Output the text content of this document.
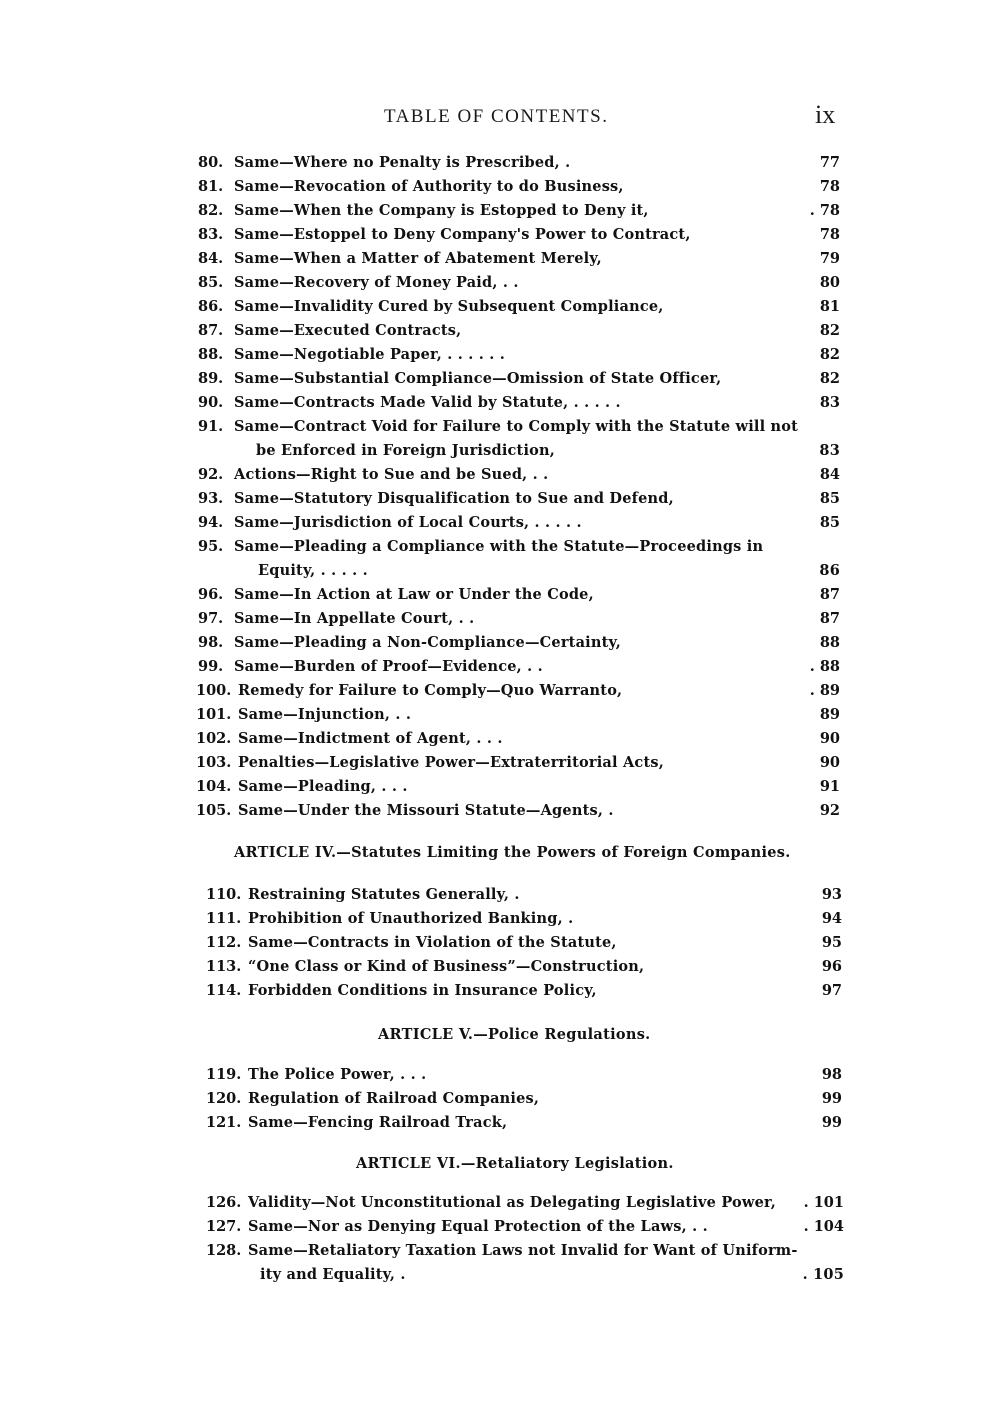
TABLE OF CONTENTS.	ix
80. Same—Where no Penalty is Prescribed, .	77
81. Same—Revocation of Authority to do Business,	78
82. Same—When the Company is Estopped to Deny it,	. 78
83. Same—Estoppel to Deny Company's Power to Contract,	78
84. Same—When a Matter of Abatement Merely,	79
85. Same—Recovery of Money Paid, . .	80
86. Same—Invalidity Cured by Subsequent Compliance,	81
87. Same—Executed Contracts,	82
88. Same—Negotiable Paper, . . . . . .	82
89. Same—Substantial Compliance—Omission of State Officer,	82
90. Same—Contracts Made Valid by Statute, . . . . .	83
91. Same—Contract Void for Failure to Comply with the Statute will not
be Enforced in Foreign Jurisdiction,	83
92. Actions—Right to Sue and be Sued, . .	84
93. Same—Statutory Disqualification to Sue and Defend,	85
94. Same—Jurisdiction of Local Courts, . . . . .	85
95. Same—Pleading a Compliance with the Statute—Proceedings in
Equity, . . . . .	86
96. Same—In Action at Law or Under the Code,	87
97. Same—In Appellate Court, . .	87
98. Same—Pleading a Non-Compliance—Certainty,	88
99. Same—Burden of Proof—Evidence, . .	. 88
100. Remedy for Failure to Comply—Quo Warranto,	. 89
101. Same—Injunction, . .	89
102. Same—Indictment of Agent, . . .	90
103. Penalties—Legislative Power—Extraterritorial Acts,	90
104. Same—Pleading, . . .	91
105. Same—Under the Missouri Statute—Agents, .	92
ARTICLE IV.—Statutes Limiting the Powers of Foreign Companies.
110. Restraining Statutes Generally, .	93
111. Prohibition of Unauthorized Banking, .	94
112. Same—Contracts in Violation of the Statute,	95
113. “One Class or Kind of Business”—Construction,	96
114. Forbidden Conditions in Insurance Policy,	97
ARTICLE V.—Police Regulations.
119. The Police Power, . . .	98
120. Regulation of Railroad Companies,	99
121. Same—Fencing Railroad Track,	99
ARTICLE VI.—Retaliatory Legislation.
126. Validity—Not Unconstitutional as Delegating Legislative Power, . 101
127. Same—Nor as Denying Equal Protection of the Laws, . .	. 104
128. Same—Retaliatory Taxation Laws not Invalid for Want of Uniform-
ity and Equality, .	. 105
